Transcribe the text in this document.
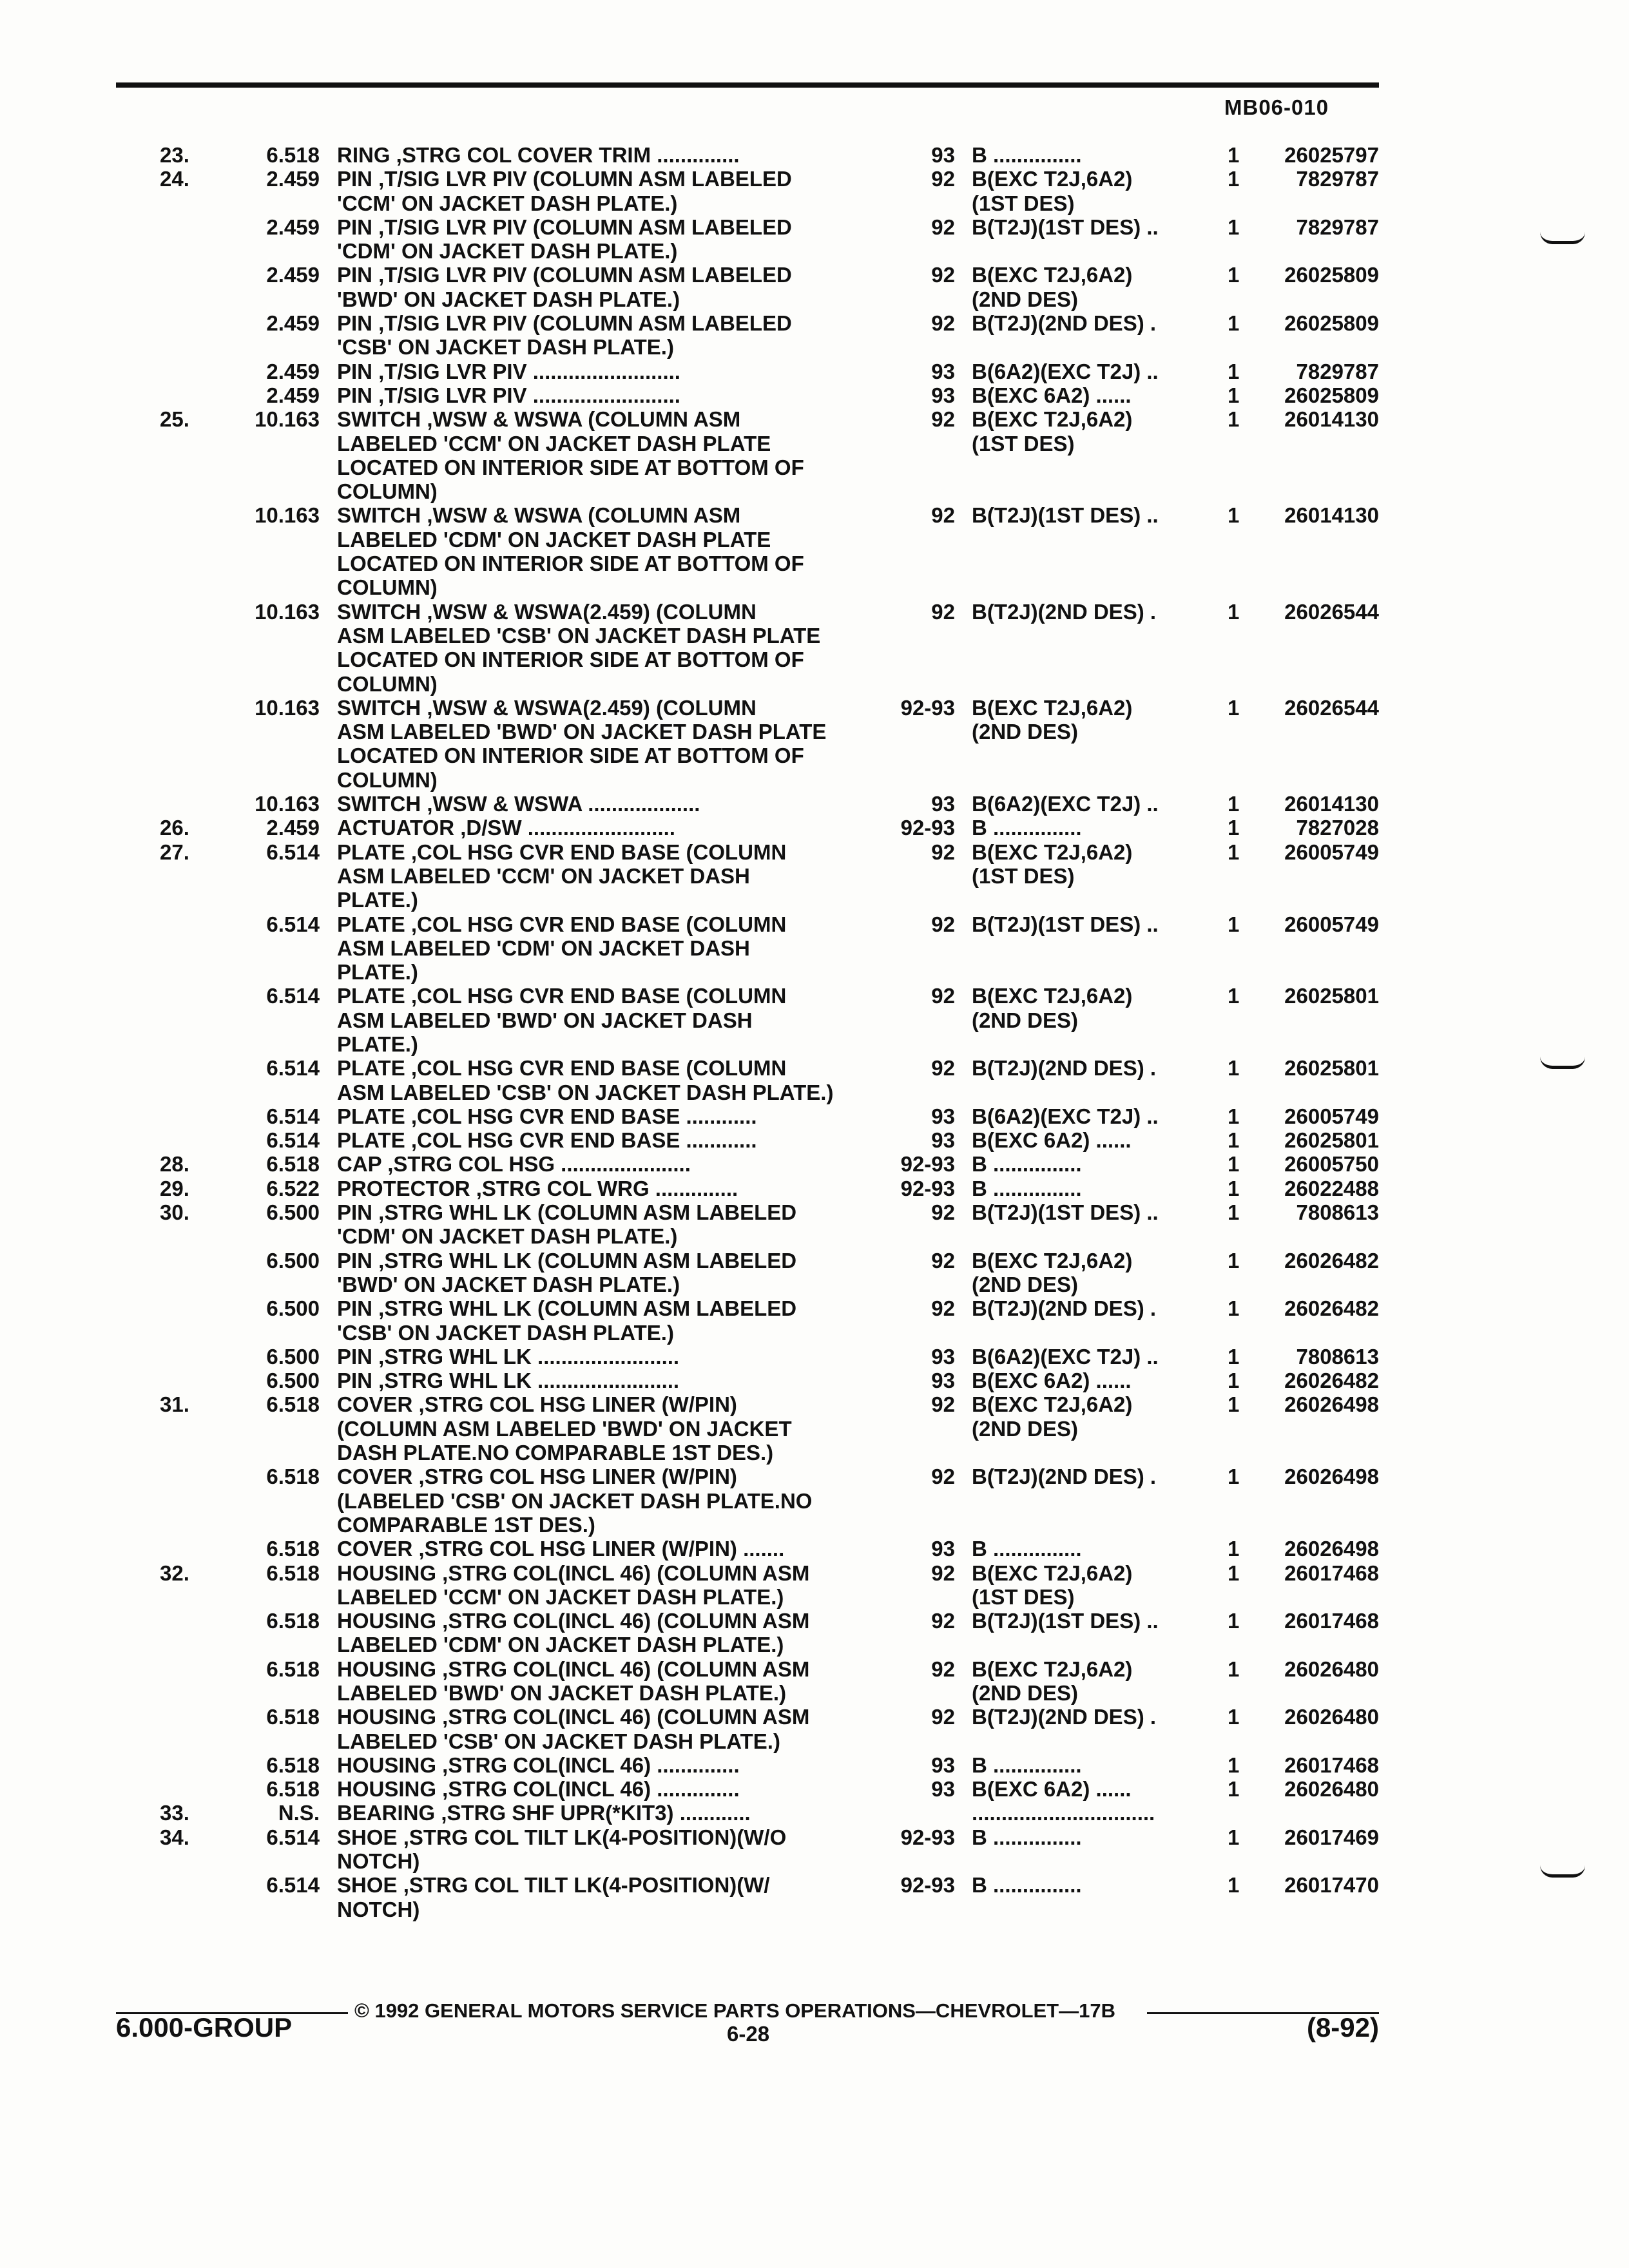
MB06-010
23.	6.518 RING ,STRG COL COVER TRIM ..............	93 B ...............	1	26025797
24.	2.459 PIN ,T/SIG LVR PIV (COLUMN ASM LABELED	92 B(EXC T2J,6A2)	1	7829787
'CCM' ON JACKET DASH PLATE.)	(1ST DES)
2.459 PIN ,T/SIG LVR PIV (COLUMN ASM LABELED	92 B(T2J)(1ST DES) ..	1	7829787
'CDM' ON JACKET DASH PLATE.)
2.459 PIN ,T/SIG LVR PIV (COLUMN ASM LABELED	92 B(EXC T2J,6A2)	1	26025809
'BWD' ON JACKET DASH PLATE.)	(2ND DES)
2.459 PIN ,T/SIG LVR PIV (COLUMN ASM LABELED	92 B(T2J)(2ND DES) .	1	26025809
'CSB' ON JACKET DASH PLATE.)
2.459 PIN ,T/SIG LVR PIV .........................	93 B(6A2)(EXC T2J) ..	1	7829787
2.459 PIN ,T/SIG LVR PIV .........................	93 B(EXC 6A2) ......	1	26025809
25.	10.163 SWITCH ,WSW & WSWA (COLUMN ASM	92 B(EXC T2J,6A2)	1	26014130
LABELED 'CCM' ON JACKET DASH PLATE	(1ST DES)
LOCATED ON INTERIOR SIDE AT BOTTOM OF
COLUMN)
10.163 SWITCH ,WSW & WSWA (COLUMN ASM	92 B(T2J)(1ST DES) ..	1	26014130
LABELED 'CDM' ON JACKET DASH PLATE
LOCATED ON INTERIOR SIDE AT BOTTOM OF
COLUMN)
10.163 SWITCH ,WSW & WSWA(2.459) (COLUMN	92 B(T2J)(2ND DES) .	1	26026544
ASM LABELED 'CSB' ON JACKET DASH PLATE
LOCATED ON INTERIOR SIDE AT BOTTOM OF
COLUMN)
10.163 SWITCH ,WSW & WSWA(2.459) (COLUMN	92-93 B(EXC T2J,6A2)	1	26026544
ASM LABELED 'BWD' ON JACKET DASH PLATE	(2ND DES)
LOCATED ON INTERIOR SIDE AT BOTTOM OF
COLUMN)
10.163 SWITCH ,WSW & WSWA ...................	93 B(6A2)(EXC T2J) ..	1	26014130
26.	2.459 ACTUATOR ,D/SW .........................	92-93 B ...............	1	7827028
27.	6.514 PLATE ,COL HSG CVR END BASE (COLUMN	92 B(EXC T2J,6A2)	1	26005749
ASM LABELED 'CCM' ON JACKET DASH	(1ST DES)
PLATE.)
6.514 PLATE ,COL HSG CVR END BASE (COLUMN	92 B(T2J)(1ST DES) ..	1	26005749
ASM LABELED 'CDM' ON JACKET DASH
PLATE.)
6.514 PLATE ,COL HSG CVR END BASE (COLUMN	92 B(EXC T2J,6A2)	1	26025801
ASM LABELED 'BWD' ON JACKET DASH	(2ND DES)
PLATE.)
6.514 PLATE ,COL HSG CVR END BASE (COLUMN	92 B(T2J)(2ND DES) .	1	26025801
ASM LABELED 'CSB' ON JACKET DASH PLATE.)
6.514 PLATE ,COL HSG CVR END BASE ............	93 B(6A2)(EXC T2J) ..	1	26005749
6.514 PLATE ,COL HSG CVR END BASE ............	93 B(EXC 6A2) ......	1	26025801
28.	6.518 CAP ,STRG COL HSG ......................	92-93 B ...............	1	26005750
29.	6.522 PROTECTOR ,STRG COL WRG ..............	92-93 B ...............	1	26022488
30.	6.500 PIN ,STRG WHL LK (COLUMN ASM LABELED	92 B(T2J)(1ST DES) ..	1	7808613
'CDM' ON JACKET DASH PLATE.)
6.500 PIN ,STRG WHL LK (COLUMN ASM LABELED	92 B(EXC T2J,6A2)	1	26026482
'BWD' ON JACKET DASH PLATE.)	(2ND DES)
6.500 PIN ,STRG WHL LK (COLUMN ASM LABELED	92 B(T2J)(2ND DES) .	1	26026482
'CSB' ON JACKET DASH PLATE.)
6.500 PIN ,STRG WHL LK ........................	93 B(6A2)(EXC T2J) ..	1	7808613
6.500 PIN ,STRG WHL LK ........................	93 B(EXC 6A2) ......	1	26026482
31.	6.518 COVER ,STRG COL HSG LINER (W/PIN)	92 B(EXC T2J,6A2)	1	26026498
(COLUMN ASM LABELED 'BWD' ON JACKET	(2ND DES)
DASH PLATE.NO COMPARABLE 1ST DES.)
6.518 COVER ,STRG COL HSG LINER (W/PIN)	92 B(T2J)(2ND DES) .	1	26026498
(LABELED 'CSB' ON JACKET DASH PLATE.NO
COMPARABLE 1ST DES.)
6.518 COVER ,STRG COL HSG LINER (W/PIN) .......	93 B ...............	1	26026498
32.	6.518 HOUSING ,STRG COL(INCL 46) (COLUMN ASM	92 B(EXC T2J,6A2)	1	26017468
LABELED 'CCM' ON JACKET DASH PLATE.)	(1ST DES)
6.518 HOUSING ,STRG COL(INCL 46) (COLUMN ASM	92 B(T2J)(1ST DES) ..	1	26017468
LABELED 'CDM' ON JACKET DASH PLATE.)
6.518 HOUSING ,STRG COL(INCL 46) (COLUMN ASM	92 B(EXC T2J,6A2)	1	26026480
LABELED 'BWD' ON JACKET DASH PLATE.)	(2ND DES)
6.518 HOUSING ,STRG COL(INCL 46) (COLUMN ASM	92 B(T2J)(2ND DES) .	1	26026480
LABELED 'CSB' ON JACKET DASH PLATE.)
6.518 HOUSING ,STRG COL(INCL 46) ..............	93 B ...............	1	26017468
6.518 HOUSING ,STRG COL(INCL 46) ..............	93 B(EXC 6A2) ......	1	26026480
33.	N.S. BEARING ,STRG SHF UPR(*KIT3) ............	...............................
34.	6.514 SHOE ,STRG COL TILT LK(4-POSITION)(W/O	92-93 B ...............	1	26017469
NOTCH)
6.514 SHOE ,STRG COL TILT LK(4-POSITION)(W/	92-93 B ...............	1	26017470
NOTCH)
© 1992 GENERAL MOTORS SERVICE PARTS OPERATIONS—CHEVROLET—17B
6.000-GROUP	6-28	(8-92)
